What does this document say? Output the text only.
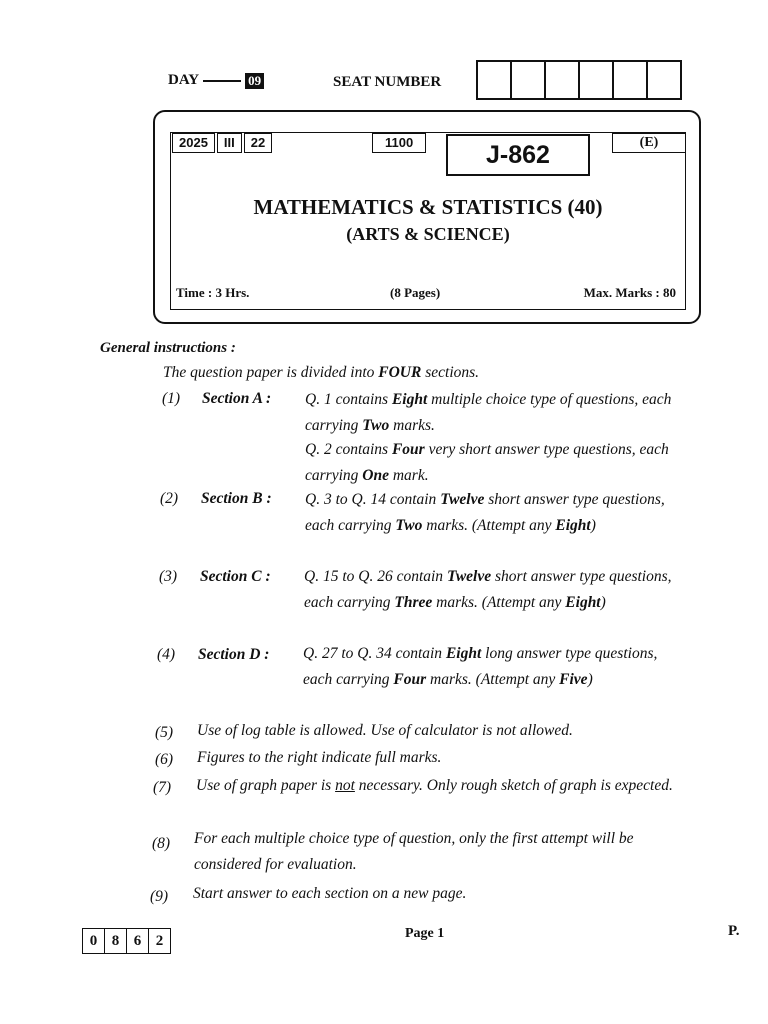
DAY	09	SEAT NUMBER
2025	III	22	1100	J-862	(E)
MATHEMATICS & STATISTICS (40)
(ARTS & SCIENCE)
Time : 3 Hrs.	(8 Pages)	Max. Marks : 80
General instructions :
The question paper is divided into FOUR sections.
(1) Section A : Q. 1 contains Eight multiple choice type of questions, each carrying Two marks.
Q. 2 contains Four very short answer type questions, each carrying One mark.
(2) Section B : Q. 3 to Q. 14 contain Twelve short answer type questions, each carrying Two marks. (Attempt any Eight)
(3) Section C : Q. 15 to Q. 26 contain Twelve short answer type questions, each carrying Three marks. (Attempt any Eight)
(4) Section D : Q. 27 to Q. 34 contain Eight long answer type questions, each carrying Four marks. (Attempt any Five)
(5) Use of log table is allowed. Use of calculator is not allowed.
(6) Figures to the right indicate full marks.
(7) Use of graph paper is not necessary. Only rough sketch of graph is expected.
(8) For each multiple choice type of question, only the first attempt will be considered for evaluation.
(9) Start answer to each section on a new page.
0 8 6 2	Page 1	P.
